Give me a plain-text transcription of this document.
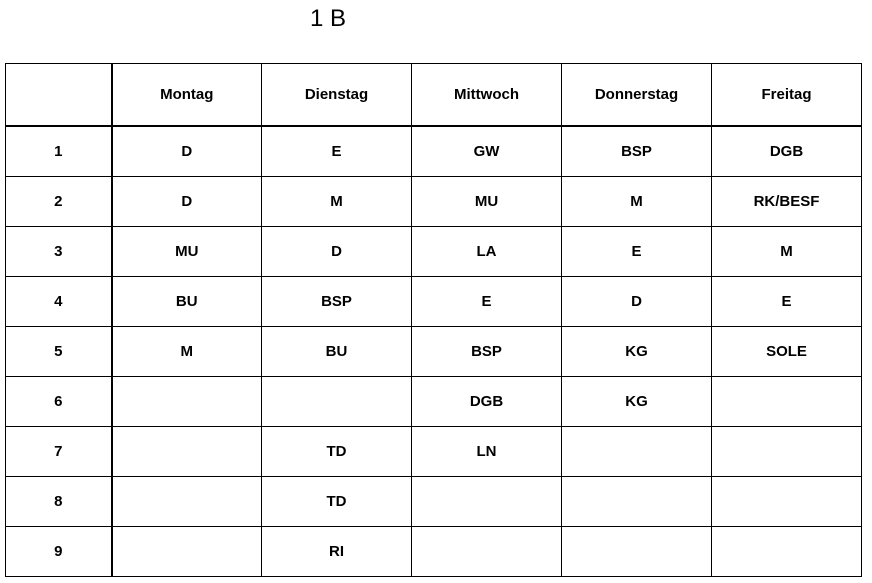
1 B
	Montag	Dienstag	Mittwoch	Donnerstag	Freitag
1	D	E	GW	BSP	DGB
2	D	M	MU	M	RK/BESF
3	MU	D	LA	E	M
4	BU	BSP	E	D	E
5	M	BU	BSP	KG	SOLE
6			DGB	KG	
7		TD	LN		
8		TD			
9		RI			
